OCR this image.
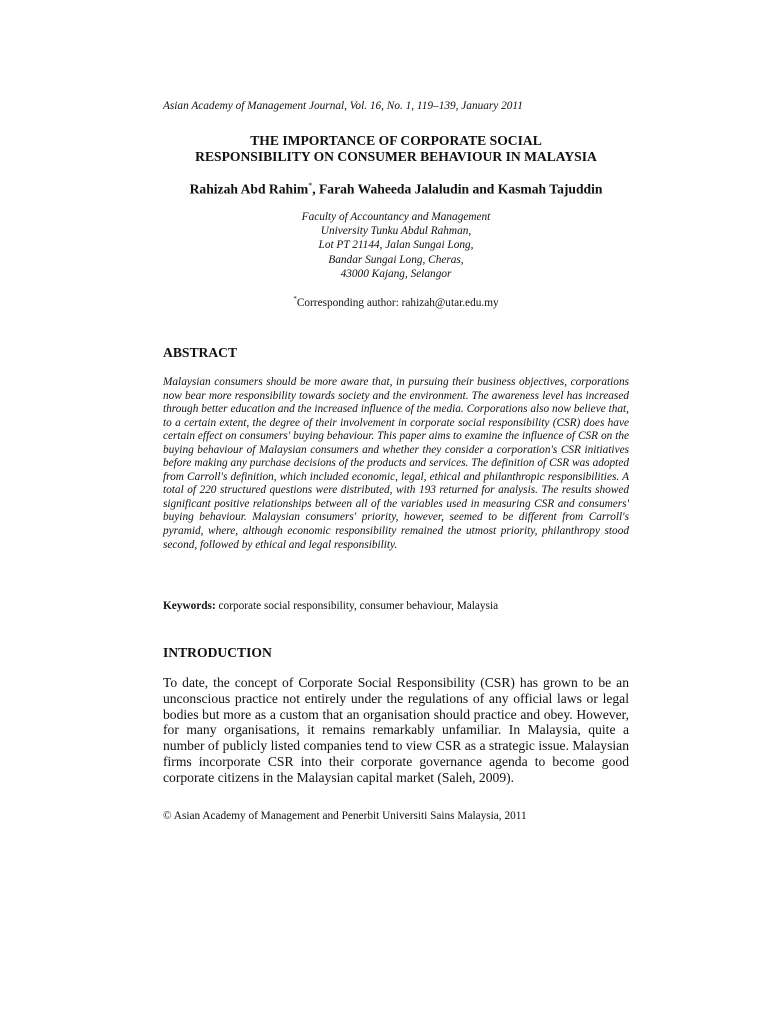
Asian Academy of Management Journal, Vol. 16, No. 1, 119–139, January 2011
THE IMPORTANCE OF CORPORATE SOCIAL
RESPONSIBILITY ON CONSUMER BEHAVIOUR IN MALAYSIA
Rahizah Abd Rahim*, Farah Waheeda Jalaludin and Kasmah Tajuddin
Faculty of Accountancy and Management
University Tunku Abdul Rahman,
Lot PT 21144, Jalan Sungai Long,
Bandar Sungai Long, Cheras,
43000 Kajang, Selangor
*Corresponding author: rahizah@utar.edu.my
ABSTRACT
Malaysian consumers should be more aware that, in pursuing their business objectives, corporations now bear more responsibility towards society and the environment. The awareness level has increased through better education and the increased influence of the media. Corporations also now believe that, to a certain extent, the degree of their involvement in corporate social responsibility (CSR) does have certain effect on consumers' buying behaviour. This paper aims to examine the influence of CSR on the buying behaviour of Malaysian consumers and whether they consider a corporation's CSR initiatives before making any purchase decisions of the products and services. The definition of CSR was adopted from Carroll's definition, which included economic, legal, ethical and philanthropic responsibilities. A total of 220 structured questions were distributed, with 193 returned for analysis. The results showed significant positive relationships between all of the variables used in measuring CSR and consumers' buying behaviour. Malaysian consumers' priority, however, seemed to be different from Carroll's pyramid, where, although economic responsibility remained the utmost priority, philanthropy stood second, followed by ethical and legal responsibility.
Keywords: corporate social responsibility, consumer behaviour, Malaysia
INTRODUCTION
To date, the concept of Corporate Social Responsibility (CSR) has grown to be an unconscious practice not entirely under the regulations of any official laws or legal bodies but more as a custom that an organisation should practice and obey. However, for many organisations, it remains remarkably unfamiliar. In Malaysia, quite a number of publicly listed companies tend to view CSR as a strategic issue. Malaysian firms incorporate CSR into their corporate governance agenda to become good corporate citizens in the Malaysian capital market (Saleh, 2009).
© Asian Academy of Management and Penerbit Universiti Sains Malaysia, 2011
